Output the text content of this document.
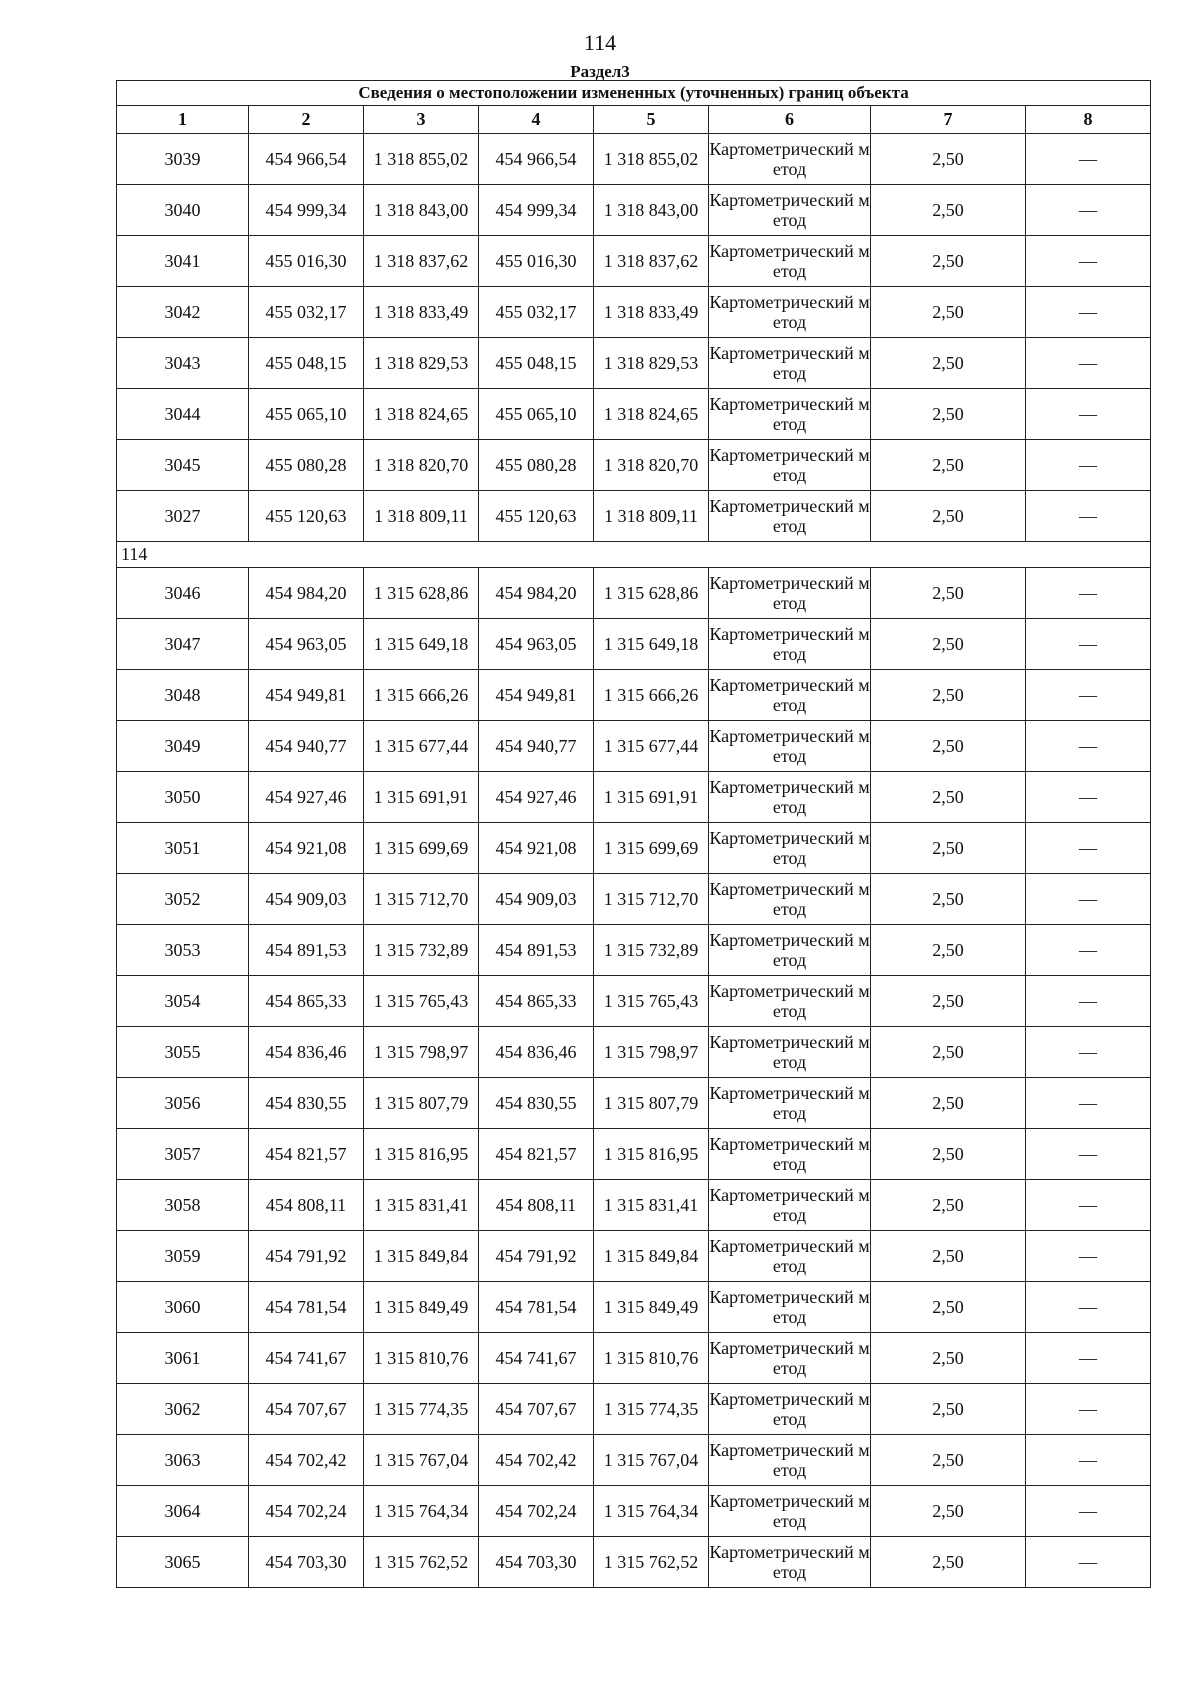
114
Раздел3
Сведения о местоположении измененных (уточненных) границ объекта							
1	2	3	4	5	6	7	8
3039	454 966,54	1 318 855,02	454 966,54	1 318 855,02	Картометрический метод	2,50	—
3040	454 999,34	1 318 843,00	454 999,34	1 318 843,00	Картометрический метод	2,50	—
3041	455 016,30	1 318 837,62	455 016,30	1 318 837,62	Картометрический метод	2,50	—
3042	455 032,17	1 318 833,49	455 032,17	1 318 833,49	Картометрический метод	2,50	—
3043	455 048,15	1 318 829,53	455 048,15	1 318 829,53	Картометрический метод	2,50	—
3044	455 065,10	1 318 824,65	455 065,10	1 318 824,65	Картометрический метод	2,50	—
3045	455 080,28	1 318 820,70	455 080,28	1 318 820,70	Картометрический метод	2,50	—
3027	455 120,63	1 318 809,11	455 120,63	1 318 809,11	Картометрический метод	2,50	—
114							
3046	454 984,20	1 315 628,86	454 984,20	1 315 628,86	Картометрический метод	2,50	—
3047	454 963,05	1 315 649,18	454 963,05	1 315 649,18	Картометрический метод	2,50	—
3048	454 949,81	1 315 666,26	454 949,81	1 315 666,26	Картометрический метод	2,50	—
3049	454 940,77	1 315 677,44	454 940,77	1 315 677,44	Картометрический метод	2,50	—
3050	454 927,46	1 315 691,91	454 927,46	1 315 691,91	Картометрический метод	2,50	—
3051	454 921,08	1 315 699,69	454 921,08	1 315 699,69	Картометрический метод	2,50	—
3052	454 909,03	1 315 712,70	454 909,03	1 315 712,70	Картометрический метод	2,50	—
3053	454 891,53	1 315 732,89	454 891,53	1 315 732,89	Картометрический метод	2,50	—
3054	454 865,33	1 315 765,43	454 865,33	1 315 765,43	Картометрический метод	2,50	—
3055	454 836,46	1 315 798,97	454 836,46	1 315 798,97	Картометрический метод	2,50	—
3056	454 830,55	1 315 807,79	454 830,55	1 315 807,79	Картометрический метод	2,50	—
3057	454 821,57	1 315 816,95	454 821,57	1 315 816,95	Картометрический метод	2,50	—
3058	454 808,11	1 315 831,41	454 808,11	1 315 831,41	Картометрический метод	2,50	—
3059	454 791,92	1 315 849,84	454 791,92	1 315 849,84	Картометрический метод	2,50	—
3060	454 781,54	1 315 849,49	454 781,54	1 315 849,49	Картометрический метод	2,50	—
3061	454 741,67	1 315 810,76	454 741,67	1 315 810,76	Картометрический метод	2,50	—
3062	454 707,67	1 315 774,35	454 707,67	1 315 774,35	Картометрический метод	2,50	—
3063	454 702,42	1 315 767,04	454 702,42	1 315 767,04	Картометрический метод	2,50	—
3064	454 702,24	1 315 764,34	454 702,24	1 315 764,34	Картометрический метод	2,50	—
3065	454 703,30	1 315 762,52	454 703,30	1 315 762,52	Картометрический метод	2,50	—
